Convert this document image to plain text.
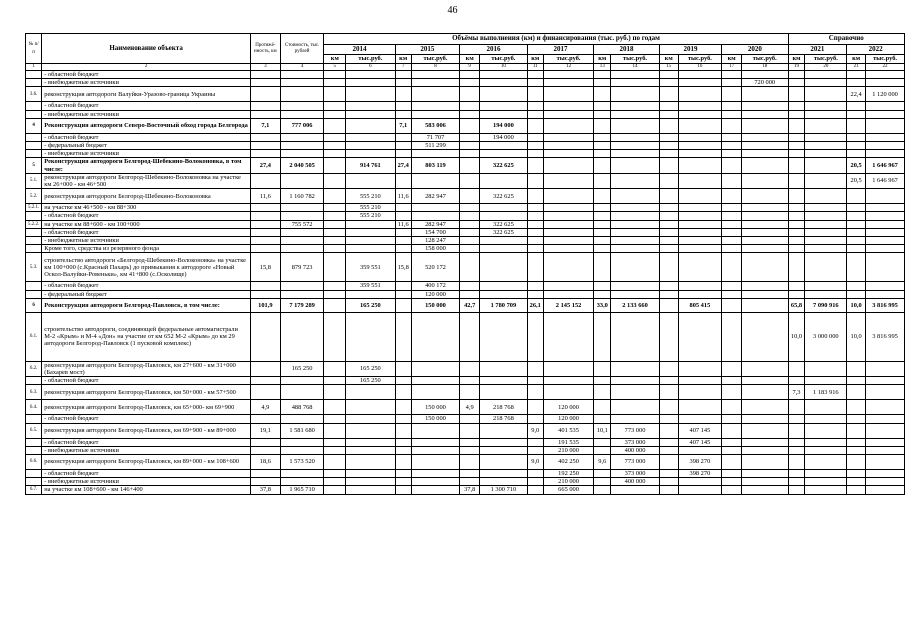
46
№ п/п	Наименование объекта	Протяжё-нность, км	Стоимость, тыс. рублей	Объёмы выполнения (км) и финансирования (тыс. руб.) по годам														Справочно			
				2014		2015		2016		2017		2018		2019		2020		2021		2022	
				км	тыс.руб.	км	тыс.руб.	км	тыс.руб.	км	тыс.руб.	км	тыс.руб.	км	тыс.руб.	км	тыс.руб.	км	тыс.руб.	км	тыс.руб.
1	2	3	4	5	6	7	8	9	10	11	12	13	14	15	16	17	18	19	20	21	22
	- областной бюджет																				
	- внебюджетные источники																720 000				
3.6.	реконструкция автодороги Валуйки-Уразово-граница Украины																			22,4	1 120 000
	- областной бюджет																				
	- внебюджетные источники																				
4	Реконструкция автодороги Северо-Восточный обход города Белгорода	7,1	777 006			7,1	583 006		194 000												
	- областной бюджет						71 707		194 000												
	- федеральный бюджет						511 299														
	- внебюджетные источники																				
5	Реконструкция автодороги Белгород-Шебекино-Волоконовка, в том числе:	27,4	2 040 505		914 761	27,4	803 119		322 625											20,5	1 646 967
5.1.	реконструкция автодороги Белгород-Шебекино-Волоконовка на участке км 26+000 - км 46+500																			20,5	1 646 967
5.2.	реконструкция автодороги Белгород-Шебекино-Волоконовка	11,6	1 160 782		555 210	11,6	282 947		322 625												
5.2.1.	на участке км 46+500 - км 88+300				555 210																
	- областной бюджет				555 210																
5.2.2.	на участке км 88+600 - км 100+000		755 572			11,6	282 947		322 625												
	- областной бюджет						154 700		322 625												
	- внебюджетные источники						128 247														
	Кроме того, средства из резервного фонда						158 000														
5.3.	строительство автодороги «Белгород-Шебекино-Волоконовка» на участке км 100+000 (с.Красный Пахарь) до примыкания к автодороге «Новый Оскол-Валуйки-Ровеньки», км 41+800 (с.Осколище)	15,8	879 723		359 551	15,8	520 172														
	- областной бюджет				359 551		400 172														
	- федеральный бюджет						120 000														
6	Реконструкция автодороги Белгород-Павловск, в том числе:	101,9	7 179 289		165 250		150 000	42,7	1 780 709	26,1	2 145 152	33,0	2 133 660		805 415			65,8	7 090 916	10,0	3 816 995
6.1.	строительство автодороги, соединяющей федеральные автомагистрали М-2 «Крым» и М-4 «Дон» на участие от км 652 М-2 «Крым» до км 29 автодороги Белгород-Павловск (1 пусковой комплекс)																	10,0	3 000 000	10,0	3 816 995
6.2.	реконструкция автодороги Белгород-Павловск, км 27+600 - км 31+000 (Бахарев мост)		165 250		165 250																
	- областной бюджет				165 250																
6.3.	реконструкция автодороги Белгород-Павловск, км 50+000 - км 57+500																	7,3	1 183 916		
6.4.	реконструкция автодороги Белгород-Павловск, км 65+000- км 69+900	4,9	488 768				150 000	4,9	218 768		120 000										
	- областной бюджет						150 000		218 768		120 000										
6.5.	реконструкция автодороги Белгород-Павловск, км 69+900 - км 89+000	19,1	1 581 680							9,0	401 535	10,1	773 000		407 145						
	- областной бюджет										191 535		373 000		407 145						
	- внебюджетные источники										210 000		400 000								
6.6.	реконструкция автодороги Белгород-Павловск, км 89+000 - км 108+600	18,6	1 573 520							9,0	402 250	9,6	773 000		398 270						
	- областной бюджет										192 250		373 000		398 270						
	- внебюджетные источники										210 000		400 000								
6.7.	на участке км 108+600 - км 146+400	37,8	1 965 710					37,8	1 300 710		665 000										
